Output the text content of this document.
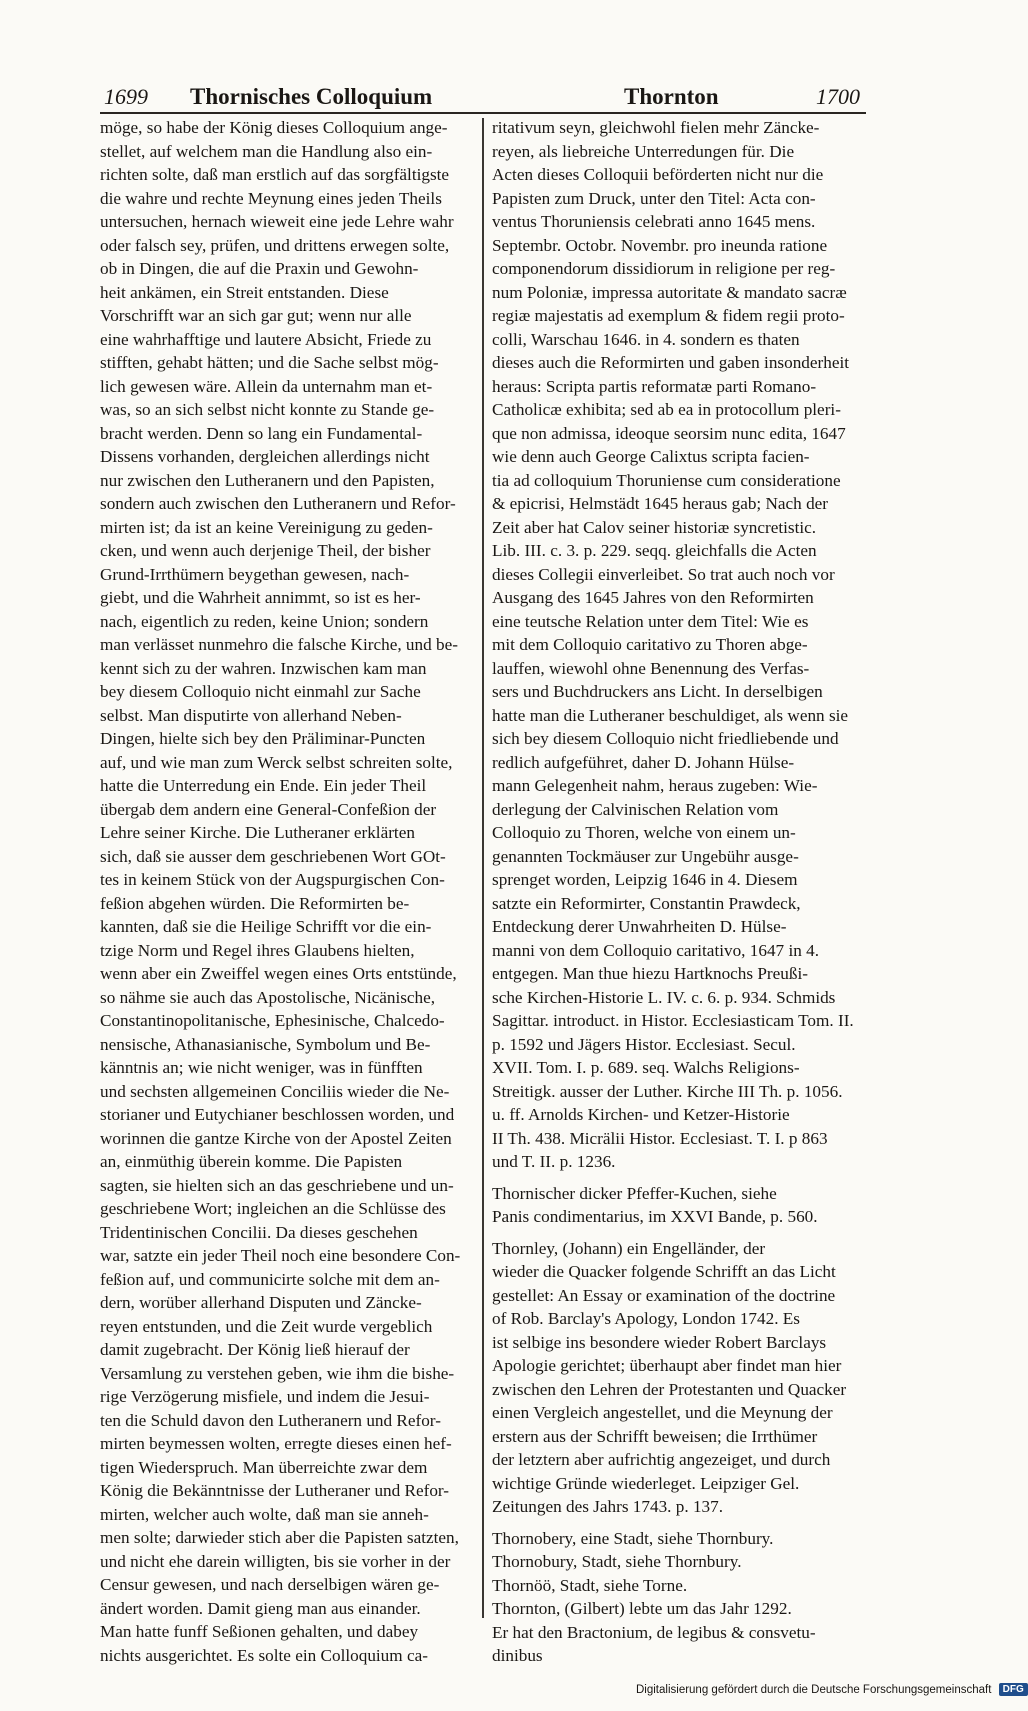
1699 Thornisches Colloquium	Thornton	1700
möge, so habe der König dieses Colloquium ange-
stellet, auf welchem man die Handlung also ein-
richten solte, daß man erstlich auf das sorgfältigste
die wahre und rechte Meynung eines jeden Theils
untersuchen, hernach wieweit eine jede Lehre wahr
oder falsch sey, prüfen, und drittens erwegen solte,
ob in Dingen, die auf die Praxin und Gewohn-
heit ankämen, ein Streit entstanden. Diese
Vorschrifft war an sich gar gut; wenn nur alle
eine wahrhafftige und lautere Absicht, Friede zu
stifften, gehabt hätten; und die Sache selbst mög-
lich gewesen wäre. Allein da unternahm man et-
was, so an sich selbst nicht konnte zu Stande ge-
bracht werden. Denn so lang ein Fundamental-
Dissens vorhanden, dergleichen allerdings nicht
nur zwischen den Lutheranern und den Papisten,
sondern auch zwischen den Lutheranern und Refor-
mirten ist; da ist an keine Vereinigung zu geden-
cken, und wenn auch derjenige Theil, der bisher
Grund-Irrthümern beygethan gewesen, nach-
giebt, und die Wahrheit annimmt, so ist es her-
nach, eigentlich zu reden, keine Union; sondern
man verlässet nunmehro die falsche Kirche, und be-
kennt sich zu der wahren. Inzwischen kam man
bey diesem Colloquio nicht einmahl zur Sache
selbst. Man disputirte von allerhand Neben-
Dingen, hielte sich bey den Präliminar-Puncten
auf, und wie man zum Werck selbst schreiten solte,
hatte die Unterredung ein Ende. Ein jeder Theil
übergab dem andern eine General-Confeßion der
Lehre seiner Kirche. Die Lutheraner erklärten
sich, daß sie ausser dem geschriebenen Wort GOt-
tes in keinem Stück von der Augspurgischen Con-
feßion abgehen würden. Die Reformirten be-
kannten, daß sie die Heilige Schrifft vor die ein-
tzige Norm und Regel ihres Glaubens hielten,
wenn aber ein Zweiffel wegen eines Orts entstünde,
so nähme sie auch das Apostolische, Nicänische,
Constantinopolitanische, Ephesinische, Chalcedo-
nensische, Athanasianische, Symbolum und Be-
känntnis an; wie nicht weniger, was in fünfften
und sechsten allgemeinen Conciliis wieder die Ne-
storianer und Eutychianer beschlossen worden, und
worinnen die gantze Kirche von der Apostel Zeiten
an, einmüthig überein komme. Die Papisten
sagten, sie hielten sich an das geschriebene und un-
geschriebene Wort; ingleichen an die Schlüsse des
Tridentinischen Concilii. Da dieses geschehen
war, satzte ein jeder Theil noch eine besondere Con-
feßion auf, und communicirte solche mit dem an-
dern, worüber allerhand Disputen und Zäncke-
reyen entstunden, und die Zeit wurde vergeblich
damit zugebracht. Der König ließ hierauf der
Versamlung zu verstehen geben, wie ihm die bishe-
rige Verzögerung misfiele, und indem die Jesui-
ten die Schuld davon den Lutheranern und Refor-
mirten beymessen wolten, erregte dieses einen hef-
tigen Wiederspruch. Man überreichte zwar dem
König die Bekänntnisse der Lutheraner und Refor-
mirten, welcher auch wolte, daß man sie anneh-
men solte; darwieder stich aber die Papisten satzten,
und nicht ehe darein willigten, bis sie vorher in der
Censur gewesen, und nach derselbigen wären ge-
ändert worden. Damit gieng man aus einander.
Man hatte funff Seßionen gehalten, und dabey
nichts ausgerichtet. Es solte ein Colloquium ca-
ritativum seyn, gleichwohl fielen mehr Zäncke-
reyen, als liebreiche Unterredungen für. Die
Acten dieses Colloquii beförderten nicht nur die
Papisten zum Druck, unter den Titel: Acta con-
ventus Thoruniensis celebrati anno 1645 mens.
Septembr. Octobr. Novembr. pro ineunda ratione
componendorum dissidiorum in religione per reg-
num Poloniæ, impressa autoritate & mandato sacræ
regiæ majestatis ad exemplum & fidem regii proto-
colli, Warschau 1646. in 4. sondern es thaten
dieses auch die Reformirten und gaben insonderheit
heraus: Scripta partis reformatæ parti Romano-
Catholicæ exhibita; sed ab ea in protocollum pleri-
que non admissa, ideoque seorsim nunc edita, 1647
wie denn auch George Calixtus scripta facien-
tia ad colloquium Thoruniense cum consideratione
& epicrisi, Helmstädt 1645 heraus gab; Nach der
Zeit aber hat Calov seiner historiæ syncretistic.
Lib. III. c. 3. p. 229. seqq. gleichfalls die Acten
dieses Collegii einverleibet. So trat auch noch vor
Ausgang des 1645 Jahres von den Reformirten
eine teutsche Relation unter dem Titel: Wie es
mit dem Colloquio caritativo zu Thoren abge-
lauffen, wiewohl ohne Benennung des Verfas-
sers und Buchdruckers ans Licht. In derselbigen
hatte man die Lutheraner beschuldiget, als wenn sie
sich bey diesem Colloquio nicht friedliebende und
redlich aufgeführet, daher D. Johann Hülse-
mann Gelegenheit nahm, heraus zugeben: Wie-
derlegung der Calvinischen Relation vom
Colloquio zu Thoren, welche von einem un-
genannten Tockmäuser zur Ungebühr ausge-
sprenget worden, Leipzig 1646 in 4. Diesem
satzte ein Reformirter, Constantin Prawdeck,
Entdeckung derer Unwahrheiten D. Hülse-
manni von dem Colloquio caritativo, 1647 in 4.
entgegen. Man thue hiezu Hartknochs Preußi-
sche Kirchen-Historie L. IV. c. 6. p. 934. Schmids
Sagittar. introduct. in Histor. Ecclesiasticam Tom. II.
p. 1592 und Jägers Histor. Ecclesiast. Secul.
XVII. Tom. I. p. 689. seq. Walchs Religions-
Streitigk. ausser der Luther. Kirche III Th. p. 1056.
u. ff. Arnolds Kirchen- und Ketzer-Historie
II Th. 438. Micrälii Histor. Ecclesiast. T. I. p 863
und T. II. p. 1236.
Thornischer dicker Pfeffer-Kuchen, siehe
Panis condimentarius, im XXVI Bande, p. 560.
Thornley, (Johann) ein Engelländer, der
wieder die Quacker folgende Schrifft an das Licht
gestellet: An Essay or examination of the doctrine
of Rob. Barclay's Apology, London 1742. Es
ist selbige ins besondere wieder Robert Barclays
Apologie gerichtet; überhaupt aber findet man hier
zwischen den Lehren der Protestanten und Quacker
einen Vergleich angestellet, und die Meynung der
erstern aus der Schrifft beweisen; die Irrthümer
der letztern aber aufrichtig angezeiget, und durch
wichtige Gründe wiederleget. Leipziger Gel.
Zeitungen des Jahrs 1743. p. 137.
Thornobery, eine Stadt, siehe Thornbury.
Thornobury, Stadt, siehe Thornbury.
Thornöö, Stadt, siehe Torne.
Thornton, (Gilbert) lebte um das Jahr 1292.
Er hat den Bractonium, de legibus & consvetu-
dinibus
Digitalisierung gefördert durch die Deutsche Forschungsgemeinschaft DFG
